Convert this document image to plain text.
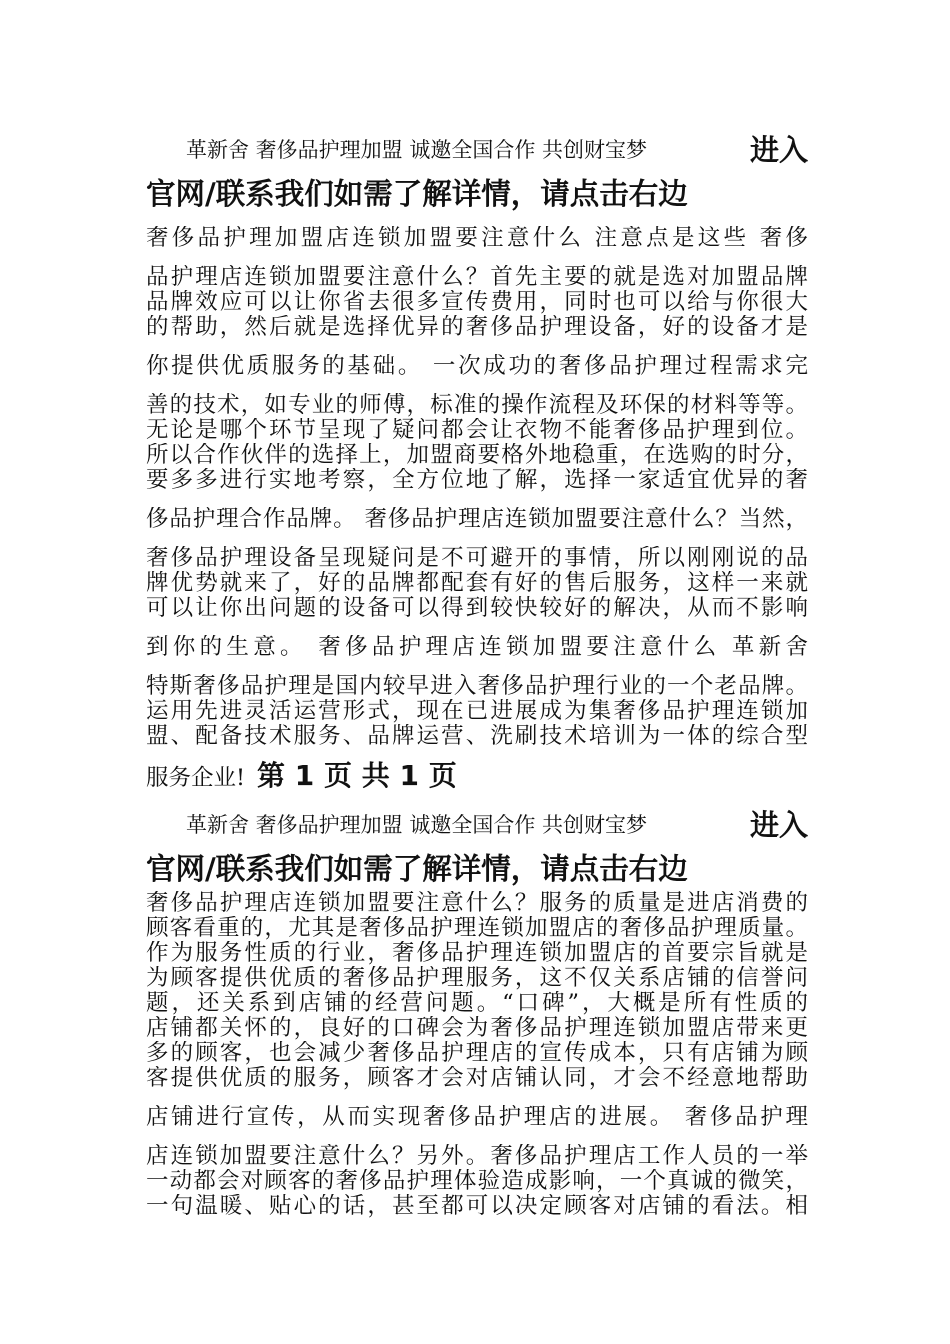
革新舍 奢侈品护理加盟 诚邀全国合作 共创财宝梦	进入
官网/联系我们如需了解详情，请点击右边
奢侈品护理加盟店连锁加盟要注意什么 注意点是这些 奢侈
品护理店连锁加盟要注意什么？首先主要的就是选对加盟品牌
品牌效应可以让你省去很多宣传费用，同时也可以给与你很大
的帮助，然后就是选择优异的奢侈品护理设备，好的设备才是
你提供优质服务的基础。 一次成功的奢侈品护理过程需求完
善的技术，如专业的师傅，标准的操作流程及环保的材料等等。
无论是哪个环节呈现了疑问都会让衣物不能奢侈品护理到位。
所以合作伙伴的选择上，加盟商要格外地稳重，在选购的时分，
要多多进行实地考察，全方位地了解，选择一家适宜优异的奢
侈品护理合作品牌。 奢侈品护理店连锁加盟要注意什么？当然，
奢侈品护理设备呈现疑问是不可避开的事情，所以刚刚说的品
牌优势就来了，好的品牌都配套有好的售后服务，这样一来就
可以让你出问题的设备可以得到较快较好的解决，从而不影响
到你的生意。 奢侈品护理店连锁加盟要注意什么 革新舍
特斯奢侈品护理是国内较早进入奢侈品护理行业的一个老品牌。
运用先进灵活运营形式，现在已进展成为集奢侈品护理连锁加
盟、配备技术服务、品牌运营、洗刷技术培训为一体的综合型
服务企业! 第 1 页 共 1 页
革新舍 奢侈品护理加盟 诚邀全国合作 共创财宝梦	进入
官网/联系我们如需了解详情，请点击右边
奢侈品护理店连锁加盟要注意什么？服务的质量是进店消费的
顾客看重的，尤其是奢侈品护理连锁加盟店的奢侈品护理质量。
作为服务性质的行业，奢侈品护理连锁加盟店的首要宗旨就是
为顾客提供优质的奢侈品护理服务，这不仅关系店铺的信誉问
题，还关系到店铺的经营问题。“口碑”，大概是所有性质的
店铺都关怀的，良好的口碑会为奢侈品护理连锁加盟店带来更
多的顾客，也会减少奢侈品护理店的宣传成本，只有店铺为顾
客提供优质的服务，顾客才会对店铺认同，才会不经意地帮助
店铺进行宣传，从而实现奢侈品护理店的进展。 奢侈品护理
店连锁加盟要注意什么？另外。奢侈品护理店工作人员的一举
一动都会对顾客的奢侈品护理体验造成影响，一个真诚的微笑，
一句温暖、贴心的话，甚至都可以决定顾客对店铺的看法。相
